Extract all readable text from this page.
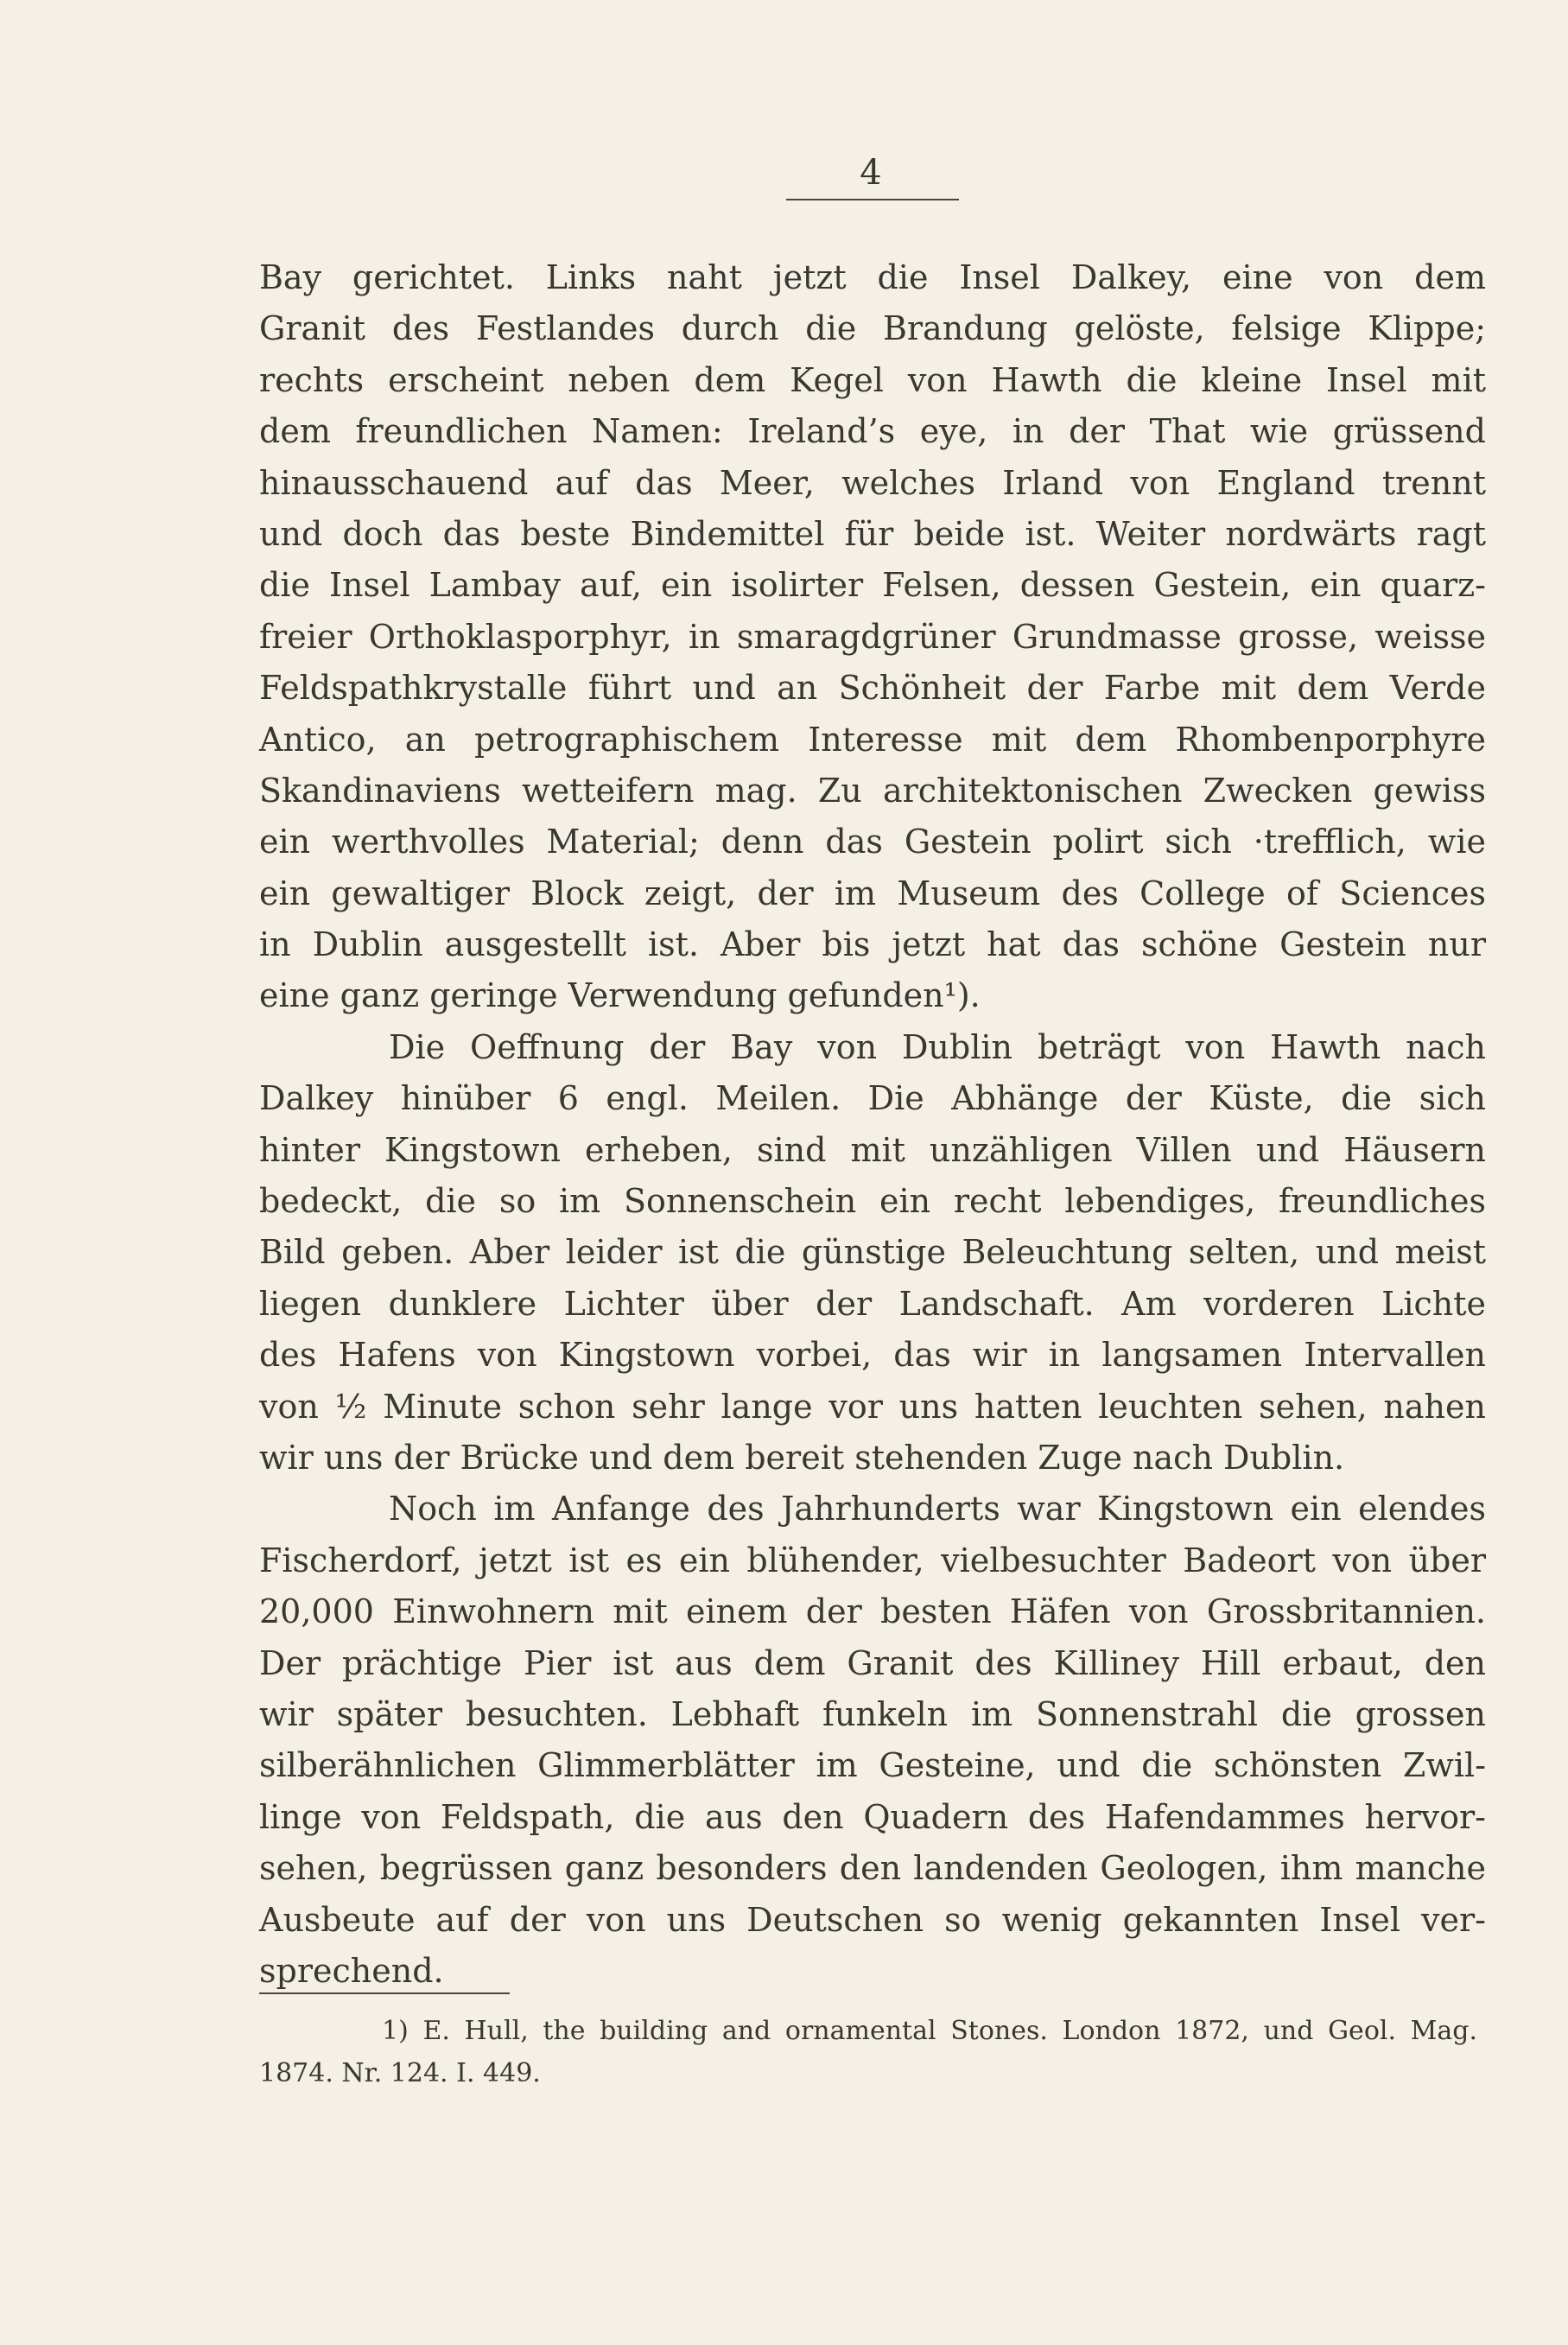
4
Bay gerichtet. Links naht jetzt die Insel Dalkey, eine von dem
Granit des Festlandes durch die Brandung gelöste, felsige Klippe;
rechts erscheint neben dem Kegel von Hawth die kleine Insel mit
dem freundlichen Namen: Ireland’s eye, in der That wie grüssend
hinausschauend auf das Meer, welches Irland von England trennt
und doch das beste Bindemittel für beide ist. Weiter nordwärts ragt
die Insel Lambay auf, ein isolirter Felsen, dessen Gestein, ein quarz-
freier Orthoklasporphyr, in smaragdgrüner Grundmasse grosse, weisse
Feldspathkrystalle führt und an Schönheit der Farbe mit dem Verde
Antico, an petrographischem Interesse mit dem Rhombenporphyre
Skandinaviens wetteifern mag. Zu architektonischen Zwecken gewiss
ein werthvolles Material; denn das Gestein polirt sich ·trefflich, wie
ein gewaltiger Block zeigt, der im Museum des College of Sciences
in Dublin ausgestellt ist. Aber bis jetzt hat das schöne Gestein nur
eine ganz geringe Verwendung gefunden¹).
Die Oeffnung der Bay von Dublin beträgt von Hawth nach
Dalkey hinüber 6 engl. Meilen. Die Abhänge der Küste, die sich
hinter Kingstown erheben, sind mit unzähligen Villen und Häusern
bedeckt, die so im Sonnenschein ein recht lebendiges, freundliches
Bild geben. Aber leider ist die günstige Beleuchtung selten, und meist
liegen dunklere Lichter über der Landschaft. Am vorderen Lichte
des Hafens von Kingstown vorbei, das wir in langsamen Intervallen
von ½ Minute schon sehr lange vor uns hatten leuchten sehen, nahen
wir uns der Brücke und dem bereit stehenden Zuge nach Dublin.
Noch im Anfange des Jahrhunderts war Kingstown ein elendes
Fischerdorf, jetzt ist es ein blühender, vielbesuchter Badeort von über
20,000 Einwohnern mit einem der besten Häfen von Grossbritannien.
Der prächtige Pier ist aus dem Granit des Killiney Hill erbaut, den
wir später besuchten. Lebhaft funkeln im Sonnenstrahl die grossen
silberähnlichen Glimmerblätter im Gesteine, und die schönsten Zwil-
linge von Feldspath, die aus den Quadern des Hafendammes hervor-
sehen, begrüssen ganz besonders den landenden Geologen, ihm manche
Ausbeute auf der von uns Deutschen so wenig gekannten Insel ver-
sprechend.
1) E. Hull, the building and ornamental Stones. London 1872, und Geol. Mag.
1874. Nr. 124. I. 449.
